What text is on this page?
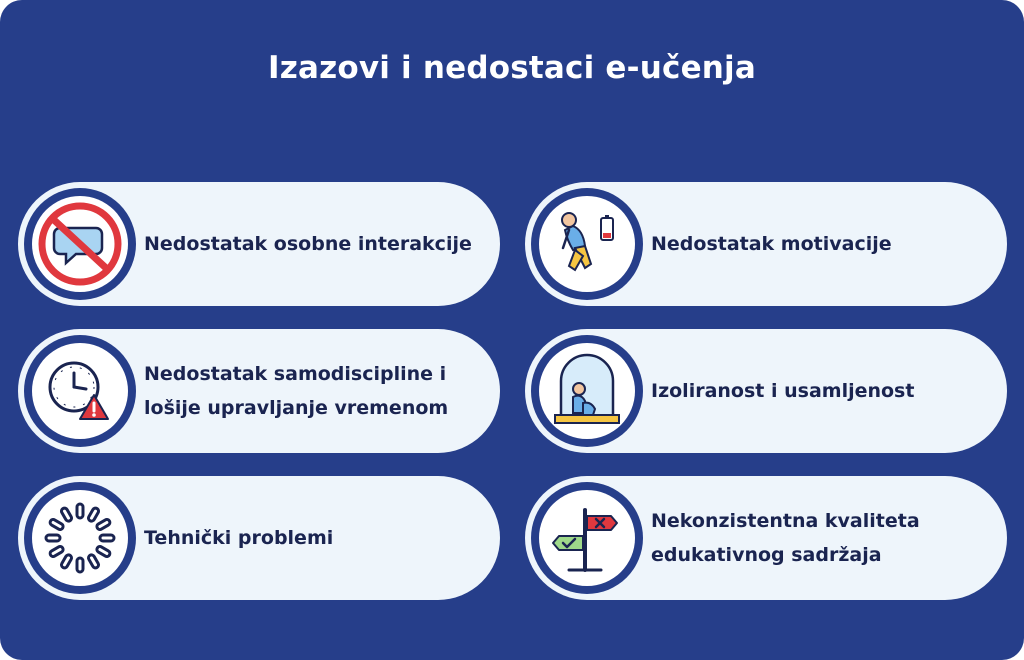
Izazovi i nedostaci e-učenja
Nedostatak osobne interakcije	Nedostatak motivacije
Nedostatak samodiscipline i
lošije upravljanje vremenom
Izoliranost i usamljenost
Tehnički problemi
Nekonzistentna kvaliteta
edukativnog sadržaja
